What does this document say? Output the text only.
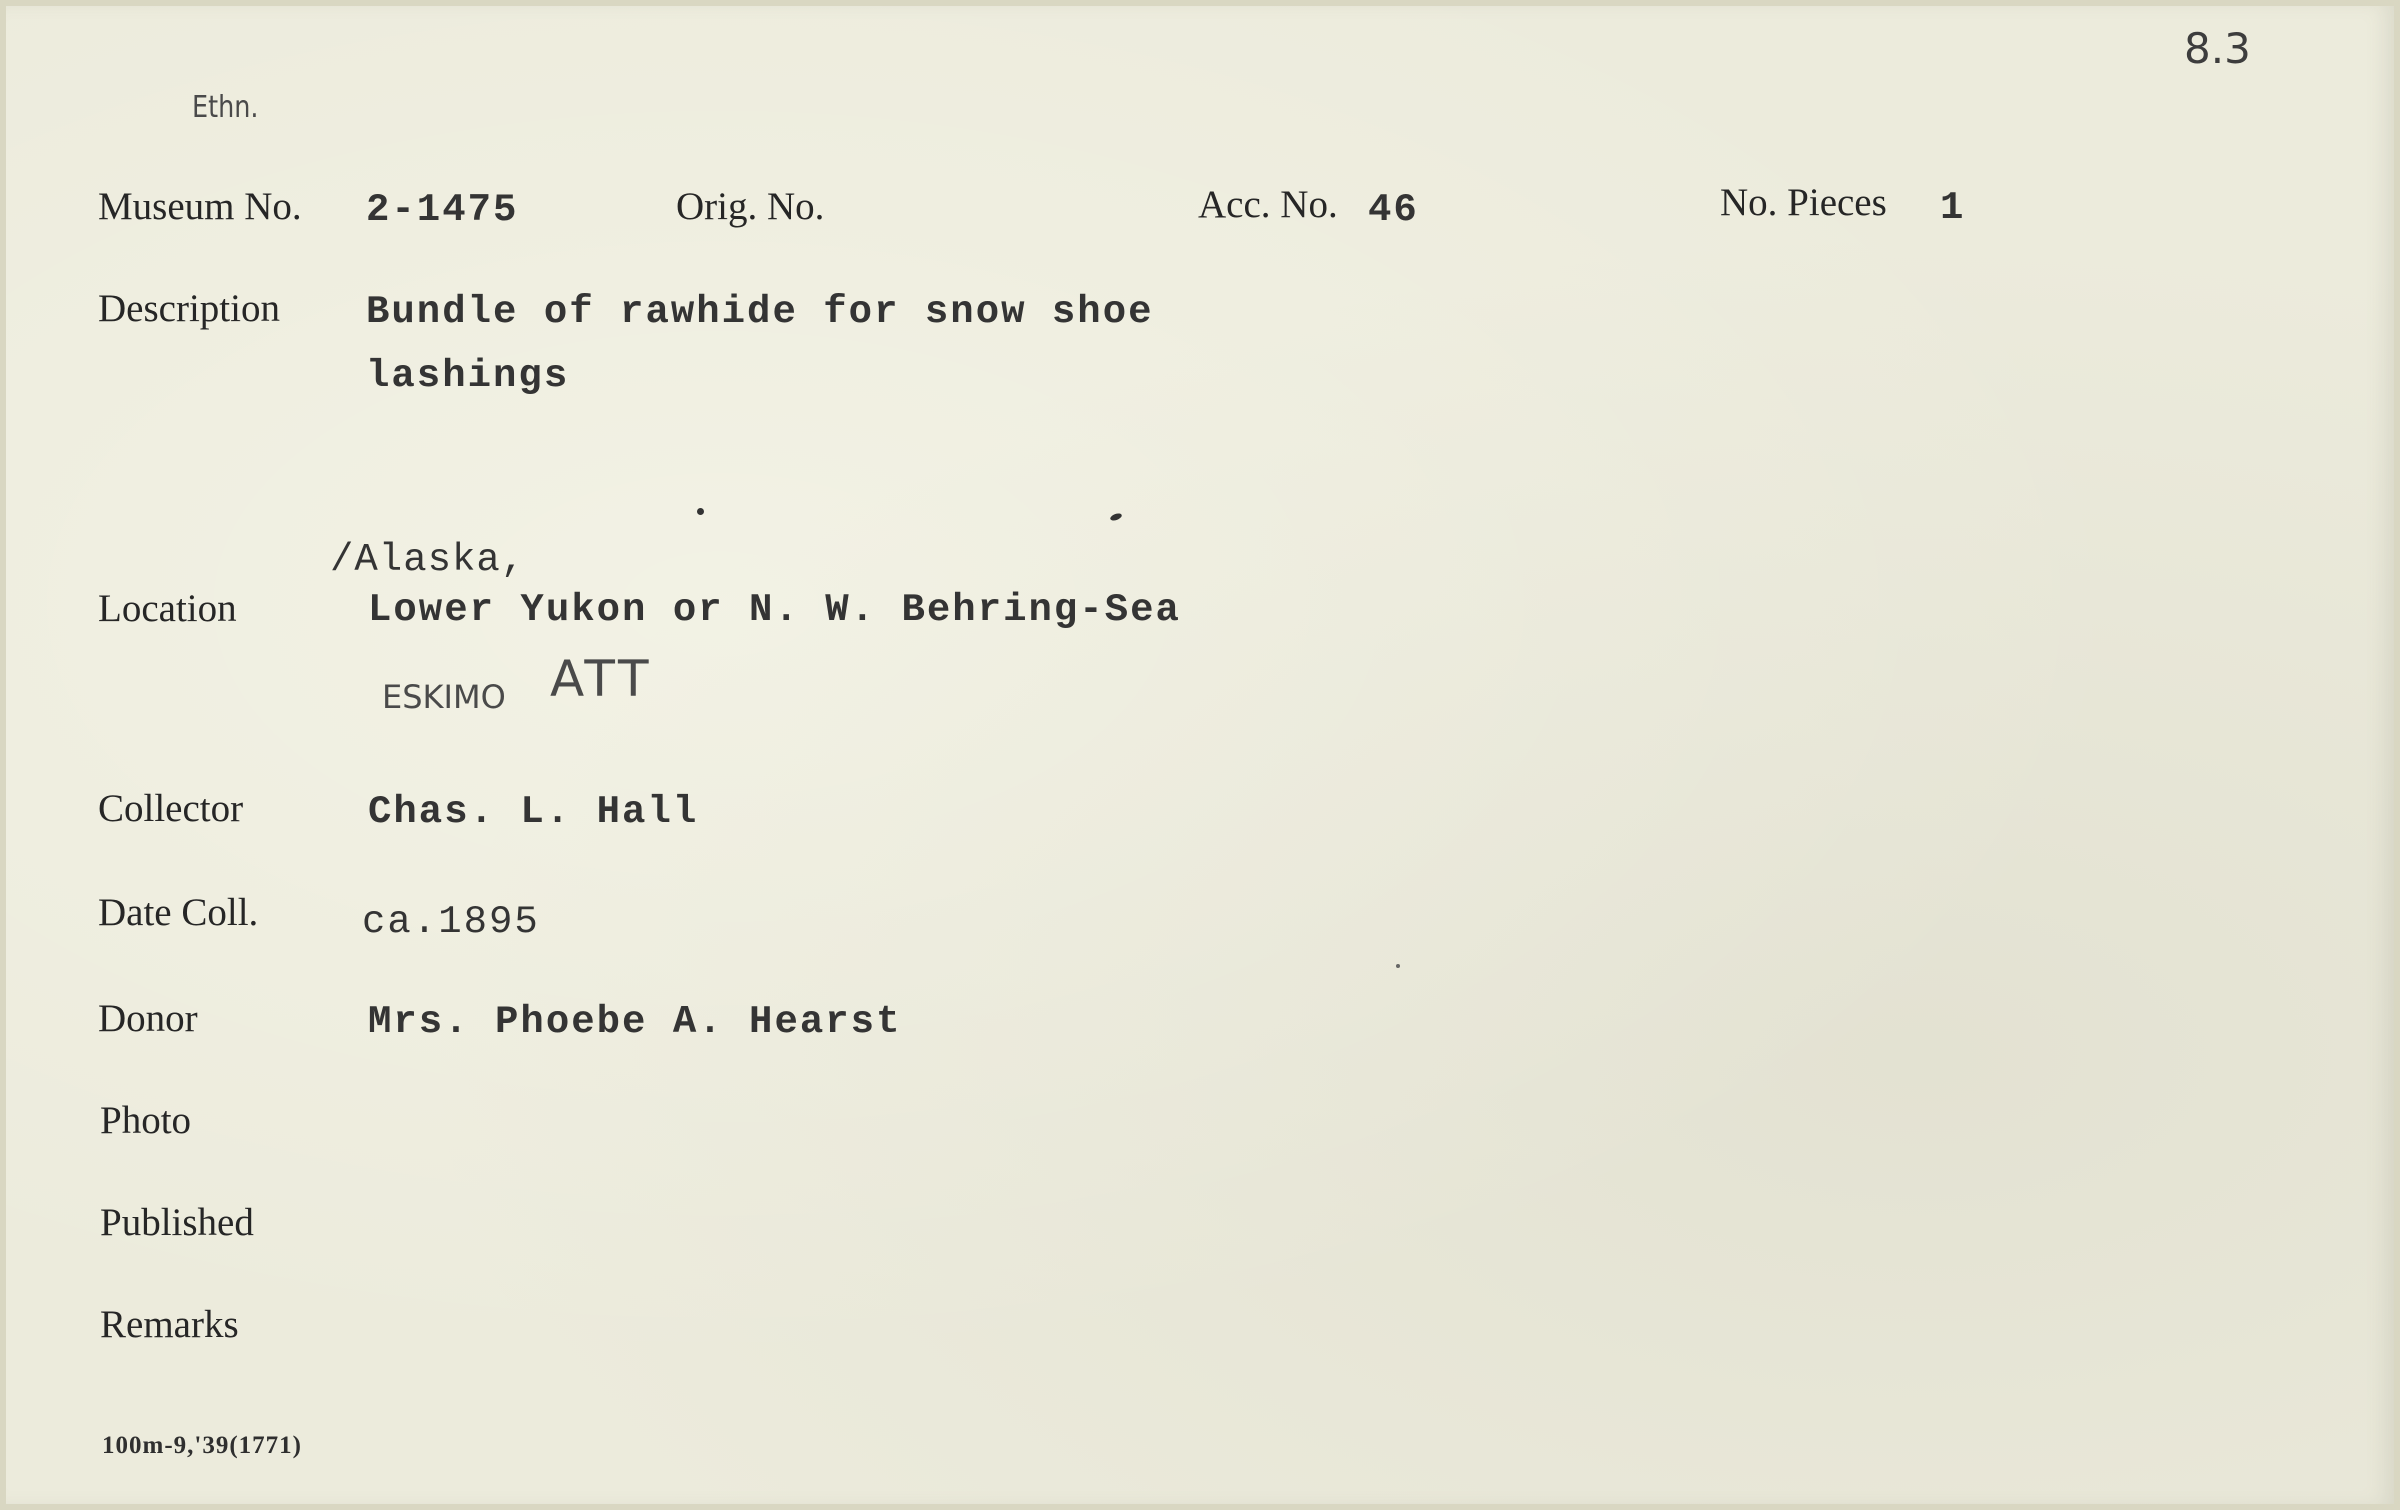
8.3
Ethn.
Museum No. 2-1475	Orig. No.	Acc. No. 46	No. Pieces 1
Description Bundle of rawhide for snow shoe
lashings
/Alaska,
Location	Lower Yukon or N. W. Behring-Sea
ESKIMO ATT
Collector	Chas. L. Hall
Date Coll.	ca.1895
Donor	Mrs. Phoebe A. Hearst
Photo
Published
Remarks
100m-9,'39(1771)
